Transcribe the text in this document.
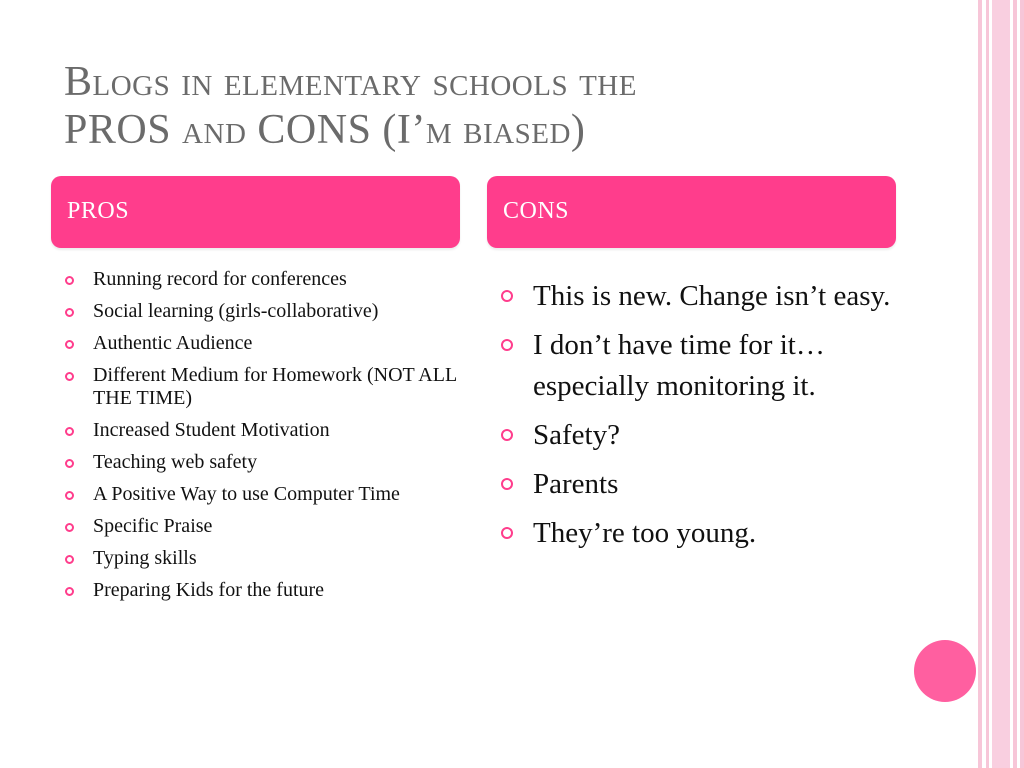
Blogs in elementary schools the
PROS and CONS (I’m biased)
PROS	CONS
Running record for conferences
Social learning (girls-collaborative)
Authentic Audience
Different Medium for Homework (NOT ALL THE TIME)
Increased Student Motivation
Teaching web safety
A Positive Way to use Computer Time
Specific Praise
Typing skills
Preparing Kids for the future
This is new. Change isn’t easy.
I don’t have time for it…especially monitoring it.
Safety?
Parents
They’re too young.
